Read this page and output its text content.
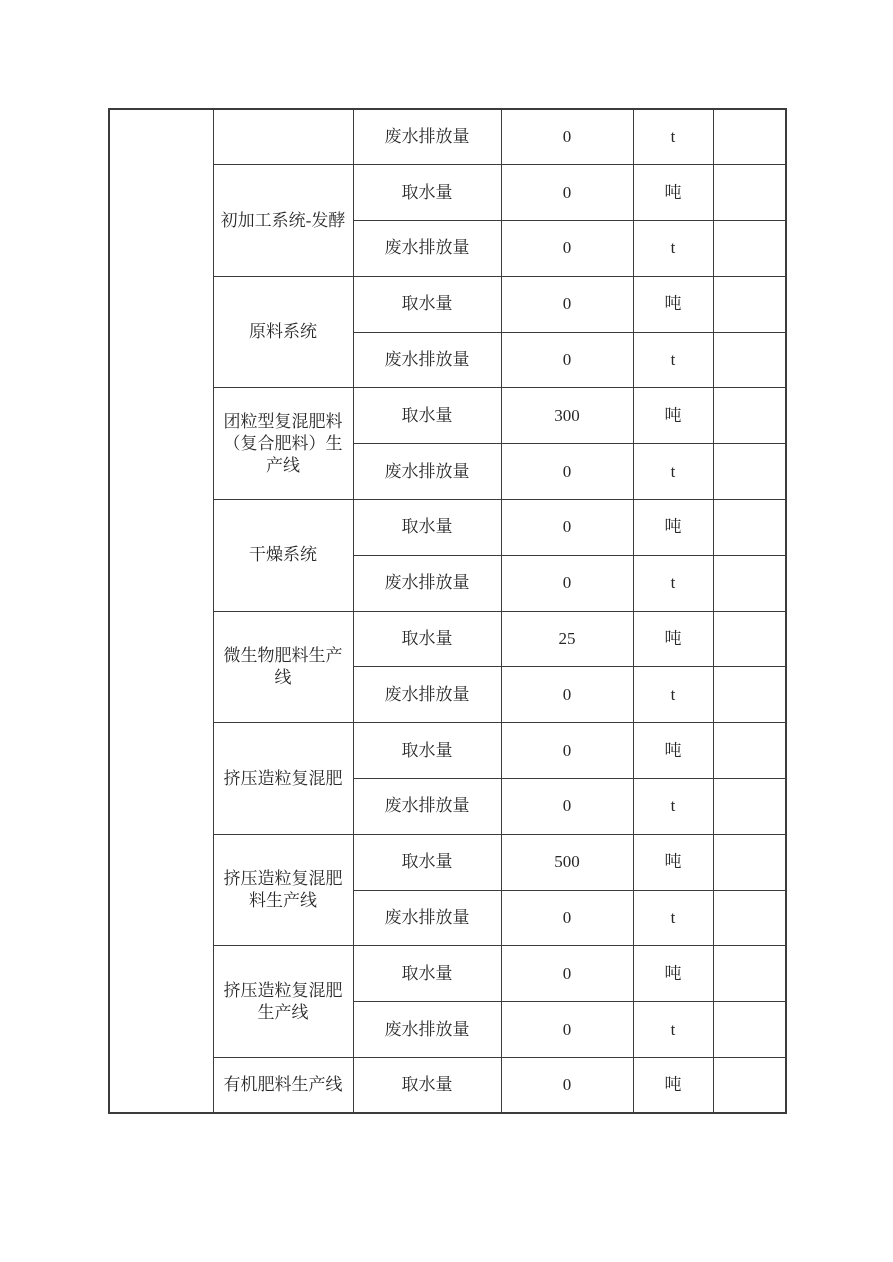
		废水排放量	0	t	
	初加工系统-发酵	取水量	0	吨	
		废水排放量	0	t	
	原料系统	取水量	0	吨	
		废水排放量	0	t	
	团粒型复混肥料（复合肥料）生产线	取水量	300	吨	
		废水排放量	0	t	
	干燥系统	取水量	0	吨	
		废水排放量	0	t	
	微生物肥料生产线	取水量	25	吨	
		废水排放量	0	t	
	挤压造粒复混肥	取水量	0	吨	
		废水排放量	0	t	
	挤压造粒复混肥料生产线	取水量	500	吨	
		废水排放量	0	t	
	挤压造粒复混肥生产线	取水量	0	吨	
		废水排放量	0	t	
	有机肥料生产线	取水量	0	吨	
